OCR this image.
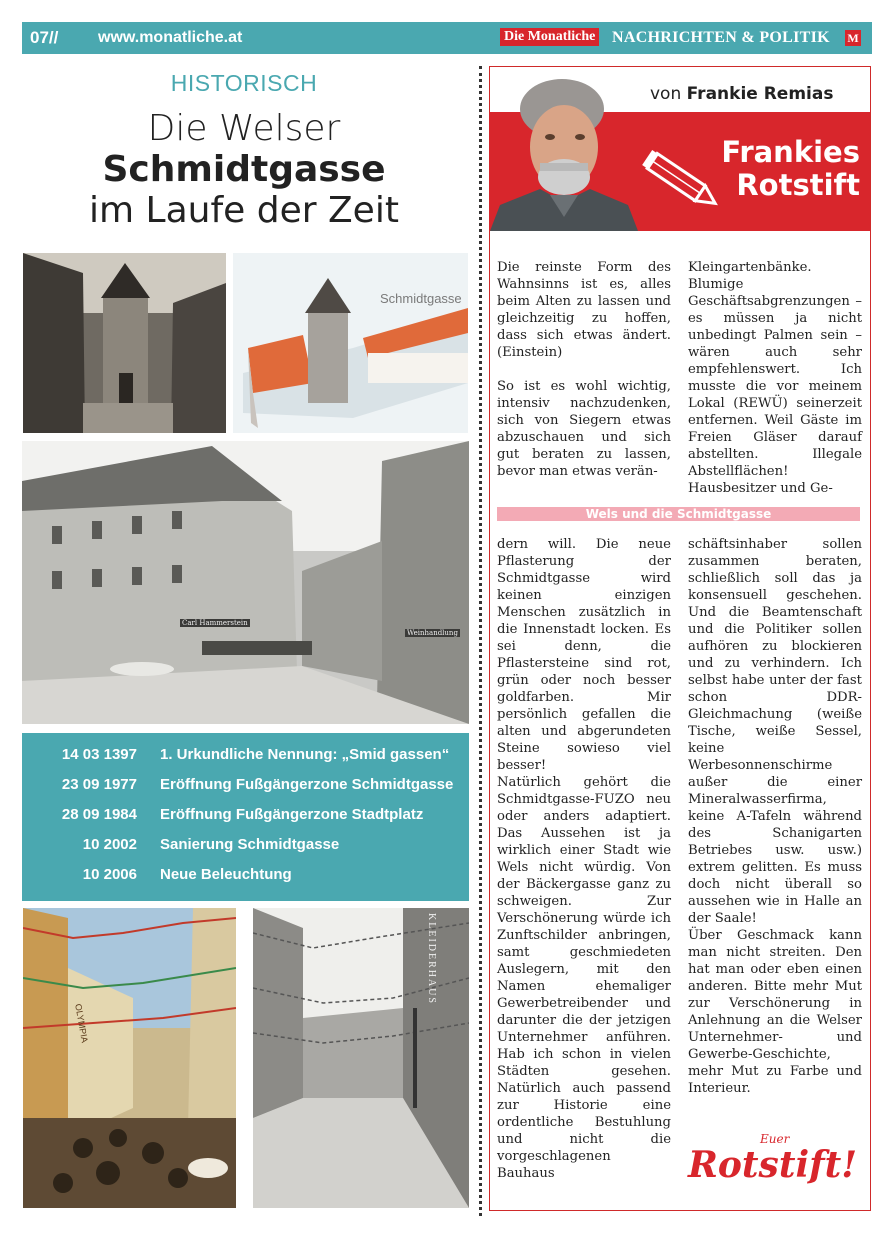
07// www.monatliche.at	Die Monatliche NACHRICHTEN & POLITIK M
HISTORISCH
Die Welser
Schmidtgasse
im Laufe der Zeit
Schmidtgasse
Carl Hammerstein
Weinhandlung
14 03 1397 1. Urkundliche Nennung: „Smid gassen“
23 09 1977 Eröffnung Fußgängerzone Schmidtgasse
28 09 1984 Eröffnung Fußgängerzone Stadtplatz
10 2002 Sanierung Schmidtgasse
10 2006 Neue Beleuchtung
OLYMPIA
KLEIDERHAUS
von Frankie Remias
Frankies
Rotstift

Die reinste Form des Wahnsinns ist es, alles beim Alten zu lassen und gleichzeitig zu hoffen, dass sich etwas ändert. (Einstein)

So ist es wohl wichtig, intensiv nachzudenken, sich von Siegern etwas abzuschauen und sich gut beraten zu lassen, bevor man etwas verän-

Kleingartenbänke. Blumige Geschäftsabgrenzungen – es müssen ja nicht unbedingt Palmen sein – wären auch sehr empfehlenswert. Ich musste die vor meinem Lokal (REWÜ) seinerzeit entfernen. Weil Gäste im Freien Gläser darauf abstellten. Illegale Abstellflächen! Hausbesitzer und Ge-

Wels und die Schmidtgasse

dern will. Die neue Pflasterung der Schmidtgasse wird keinen einzigen Menschen zusätzlich in die Innenstadt locken. Es sei denn, die Pflastersteine sind rot, grün oder noch besser goldfarben. Mir persönlich gefallen die alten und abgerundeten Steine sowieso viel besser!

Natürlich gehört die Schmidtgasse-FUZO neu oder anders adaptiert. Das Aussehen ist ja wirklich einer Stadt wie Wels nicht würdig. Von der Bäckergasse ganz zu schweigen. Zur Verschönerung würde ich Zunftschilder anbringen, samt geschmiedeten Auslegern, mit den Namen ehemaliger Gewerbetreibender und darunter die der jetzigen Unternehmer anführen. Hab ich schon in vielen Städten gesehen. Natürlich auch passend zur Historie eine ordentliche Bestuhlung und nicht die vorgeschlagenen Bauhaus

schäftsinhaber sollen zusammen beraten, schließlich soll das ja konsensuell geschehen. Und die Beamtenschaft und die Politiker sollen aufhören zu blockieren und zu verhindern. Ich selbst habe unter der fast schon DDR-Gleichmachung (weiße Tische, weiße Sessel, keine Werbesonnenschirme außer die einer Mineralwasserfirma, keine A-Tafeln während des Schanigarten Betriebes usw. usw.) extrem gelitten. Es muss doch nicht überall so aussehen wie in Halle an der Saale!

Über Geschmack kann man nicht streiten. Den hat man oder eben einen anderen. Bitte mehr Mut zur Verschönerung in Anlehnung an die Welser Unternehmer- und Gewerbe-Geschichte, mehr Mut zu Farbe und Interieur.

Euer
Rotstift!
